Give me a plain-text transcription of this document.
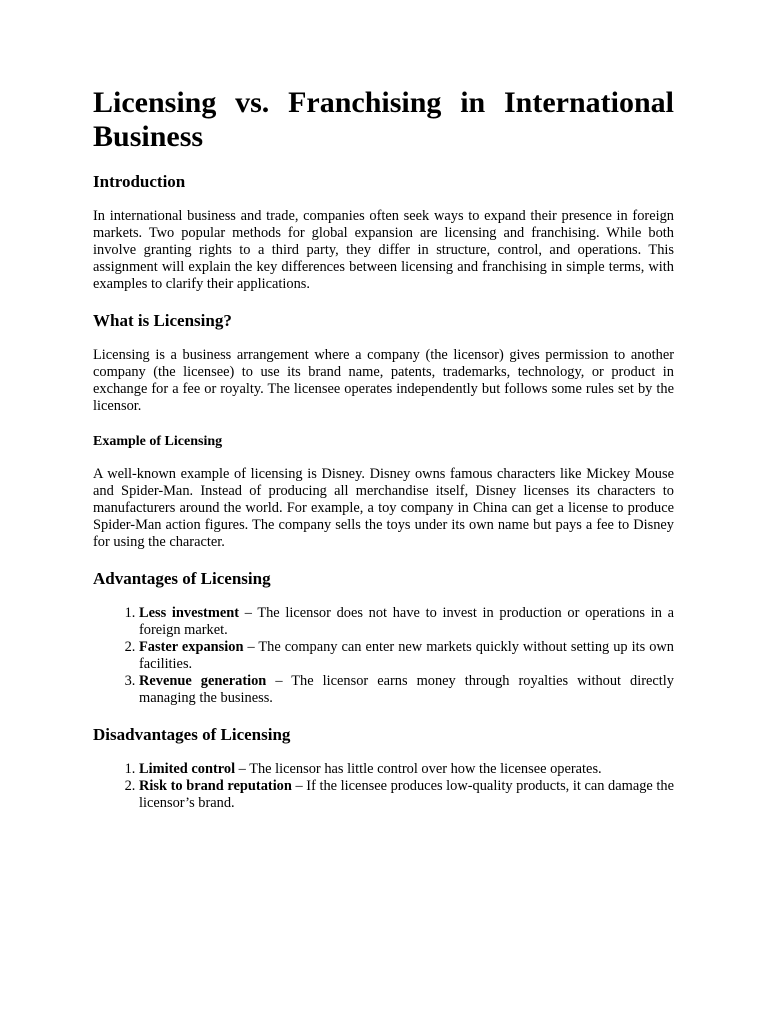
Licensing vs. Franchising in International
Business
Introduction

In international business and trade, companies often seek ways to expand their presence in foreign markets. Two popular methods for global expansion are licensing and franchising. While both involve granting rights to a third party, they differ in structure, control, and operations. This assignment will explain the key differences between licensing and franchising in simple terms, with examples to clarify their applications.

What is Licensing?

Licensing is a business arrangement where a company (the licensor) gives permission to another company (the licensee) to use its brand name, patents, trademarks, technology, or product in exchange for a fee or royalty. The licensee operates independently but follows some rules set by the licensor.

Example of Licensing

A well-known example of licensing is Disney. Disney owns famous characters like Mickey Mouse and Spider-Man. Instead of producing all merchandise itself, Disney licenses its characters to manufacturers around the world. For example, a toy company in China can get a license to produce Spider-Man action figures. The company sells the toys under its own name but pays a fee to Disney for using the character.

Advantages of Licensing
1. Less investment – The licensor does not have to invest in production or operations in a foreign market.
2. Faster expansion – The company can enter new markets quickly without setting up its own facilities.
3. Revenue generation – The licensor earns money through royalties without directly managing the business.
Disadvantages of Licensing
1. Limited control – The licensor has little control over how the licensee operates.
2. Risk to brand reputation – If the licensee produces low-quality products, it can damage the licensor’s brand.
